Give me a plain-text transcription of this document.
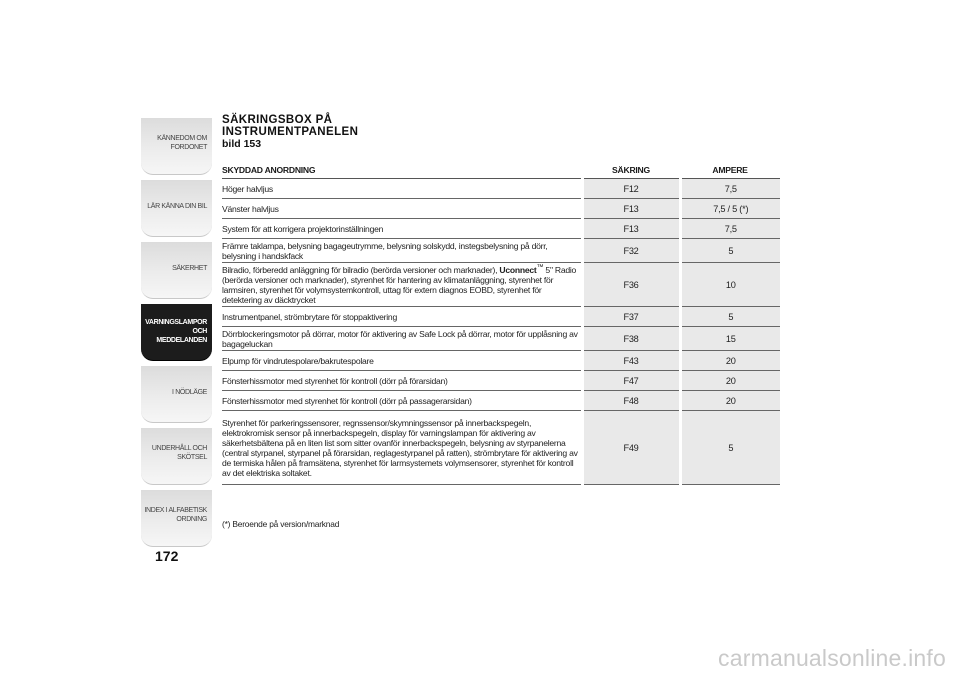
KÄNNEDOM OM FORDONET
LÄR KÄNNA DIN BIL
SÄKERHET
VARNINGSLAMPOR OCH MEDDELANDEN
I NÖDLÄGE
UNDERHÅLL OCH SKÖTSEL
INDEX I ALFABETISK ORDNING
172
SÄKRINGSBOX PÅ
INSTRUMENTPANELEN
bild 153
SKYDDAD ANORDNING	SÄKRING	AMPERE
Höger halvljus	F12	7,5
Vänster halvljus	F13	7,5 / 5 (*)
System för att korrigera projektorinställningen	F13	7,5
Främre taklampa, belysning bagageutrymme, belysning solskydd, instegsbelysning på dörr, belysning i handskfack	F32	5
Bilradio, förberedd anläggning för bilradio (berörda versioner och marknader), Uconnect™ 5" Radio (berörda versioner och marknader), styrenhet för hantering av klimatanläggning, styrenhet för larmsiren, styrenhet för volymsystemkontroll, uttag för extern diagnos EOBD, styrenhet för detektering av däcktrycket	F36	10
Instrumentpanel, strömbrytare för stoppaktivering	F37	5
Dörrblockeringsmotor på dörrar, motor för aktivering av Safe Lock på dörrar, motor för upplåsning av bagageluckan	F38	15
Elpump för vindrutespolare/bakrutespolare	F43	20
Fönsterhissmotor med styrenhet för kontroll (dörr på förarsidan)	F47	20
Fönsterhissmotor med styrenhet för kontroll (dörr på passagerarsidan)	F48	20
Styrenhet för parkeringssensorer, regnssensor/skymningssensor på innerbackspegeln, elektrokromisk sensor på innerbackspegeln, display för varningslampan för aktivering av säkerhetsbältena på en liten list som sitter ovanför innerbackspegeln, belysning av styrpanelerna (central styrpanel, styrpanel på förarsidan, reglagestyrpanel på ratten), strömbrytare för aktivering av de termiska hålen på framsätena, styrenhet för larmsystemets volymsensorer, styrenhet för kontroll av det elektriska soltaket.	F49	5
(*) Beroende på version/marknad
carmanualsonline.info
